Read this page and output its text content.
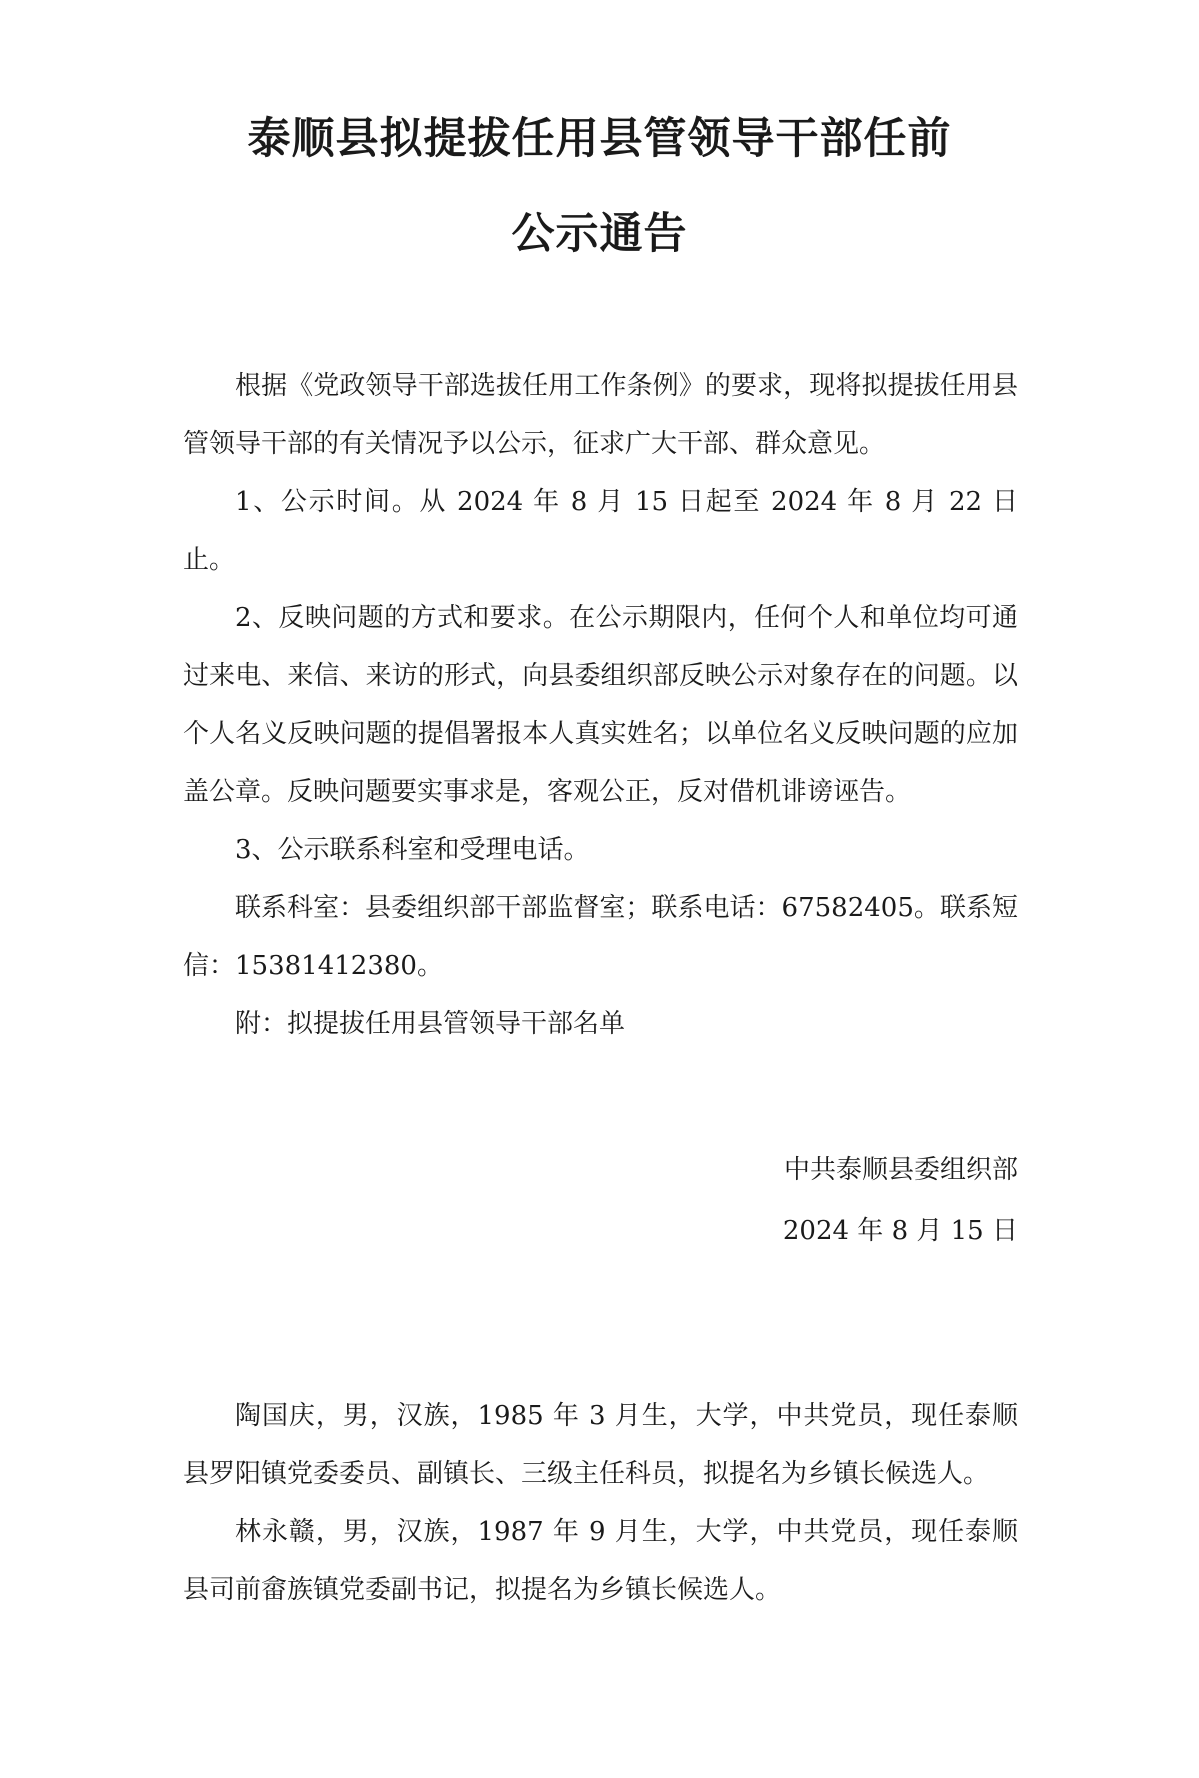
泰顺县拟提拔任用县管领导干部任前
公示通告

根据《党政领导干部选拔任用工作条例》的要求，现将拟提拔任用县管领导干部的有关情况予以公示，征求广大干部、群众意见。

1、公示时间。从 2024 年 8 月 15 日起至 2024 年 8 月 22 日止。

2、反映问题的方式和要求。在公示期限内，任何个人和单位均可通过来电、来信、来访的形式，向县委组织部反映公示对象存在的问题。以个人名义反映问题的提倡署报本人真实姓名；以单位名义反映问题的应加盖公章。反映问题要实事求是，客观公正，反对借机诽谤诬告。

3、公示联系科室和受理电话。

联系科室：县委组织部干部监督室；联系电话：67582405。联系短信：15381412380。

附：拟提拔任用县管领导干部名单

中共泰顺县委组织部
2024 年 8 月 15 日

陶国庆，男，汉族，1985 年 3 月生，大学，中共党员，现任泰顺县罗阳镇党委委员、副镇长、三级主任科员，拟提名为乡镇长候选人。

林永赣，男，汉族，1987 年 9 月生，大学，中共党员，现任泰顺县司前畲族镇党委副书记，拟提名为乡镇长候选人。
